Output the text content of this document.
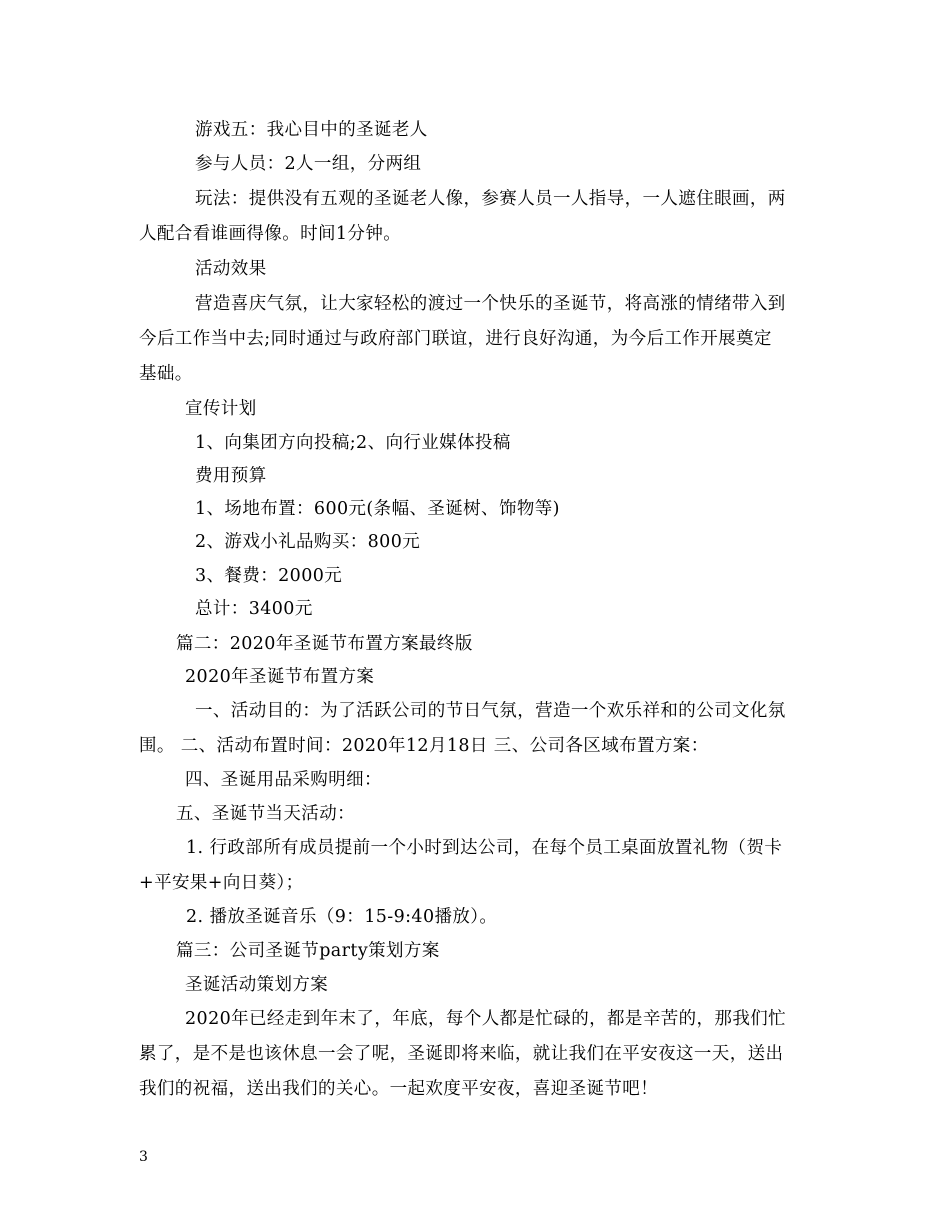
游戏五：我心目中的圣诞老人
参与人员：2人一组，分两组
玩法：提供没有五观的圣诞老人像，参赛人员一人指导，一人遮住眼画，两
人配合看谁画得像。时间1分钟。
活动效果
营造喜庆气氛，让大家轻松的渡过一个快乐的圣诞节，将高涨的情绪带入到
今后工作当中去;同时通过与政府部门联谊，进行良好沟通，为今后工作开展奠定
基础。
宣传计划
1、向集团方向投稿;2、向行业媒体投稿
费用预算
1、场地布置：600元(条幅、圣诞树、饰物等)
2、游戏小礼品购买：800元
3、餐费：2000元
总计：3400元
篇二：2020年圣诞节布置方案最终版
2020年圣诞节布置方案
一、活动目的：为了活跃公司的节日气氛，营造一个欢乐祥和的公司文化氛
围。 二、活动布置时间：2020年12月18日 三、公司各区域布置方案：
四、圣诞用品采购明细：
五、圣诞节当天活动：
1. 行政部所有成员提前一个小时到达公司，在每个员工桌面放置礼物（贺卡
+平安果+向日葵）；
2. 播放圣诞音乐（9：15-9:40播放）。
篇三：公司圣诞节party策划方案
圣诞活动策划方案
2020年已经走到年末了，年底，每个人都是忙碌的，都是辛苦的，那我们忙
累了，是不是也该休息一会了呢，圣诞即将来临，就让我们在平安夜这一天，送出
我们的祝福，送出我们的关心。一起欢度平安夜，喜迎圣诞节吧！
3
